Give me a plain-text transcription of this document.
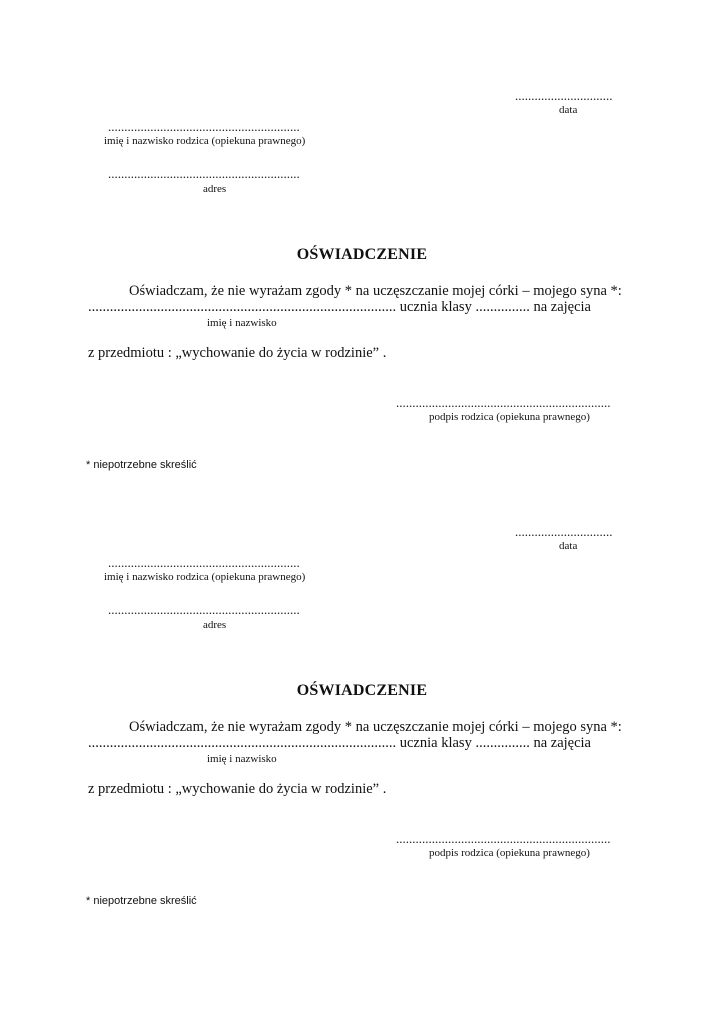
..............................
data
...........................................................
imię i nazwisko rodzica (opiekuna prawnego)
...........................................................
adres
OŚWIADCZENIE
Oświadczam, że nie wyrażam zgody * na uczęszczanie mojej córki – mojego syna *:
..................................................................................... ucznia klasy ............... na zajęcia
imię i nazwisko
z przedmiotu : „wychowanie do życia w rodzinie” .
..................................................................
podpis rodzica (opiekuna prawnego)
* niepotrzebne skreślić
..............................
data
...........................................................
imię i nazwisko rodzica (opiekuna prawnego)
...........................................................
adres
OŚWIADCZENIE
Oświadczam, że nie wyrażam zgody * na uczęszczanie mojej córki – mojego syna *:
..................................................................................... ucznia klasy ............... na zajęcia
imię i nazwisko
z przedmiotu : „wychowanie do życia w rodzinie” .
..................................................................
podpis rodzica (opiekuna prawnego)
* niepotrzebne skreślić
